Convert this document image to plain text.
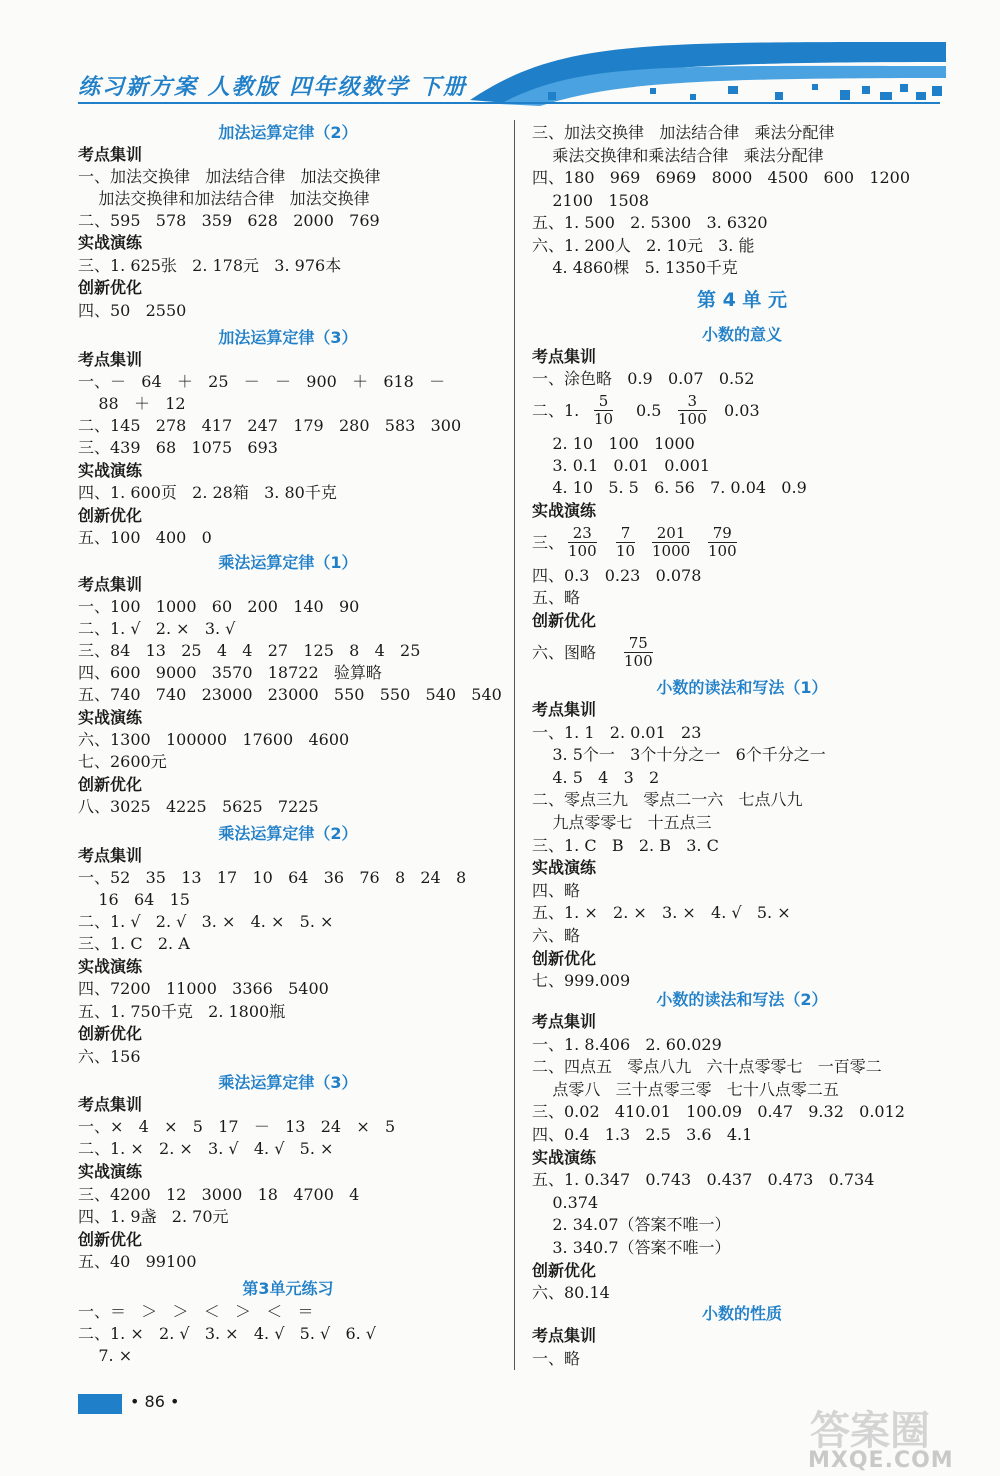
练习新方案 人教版 四年级数学 下册
加法运算定律（2）
考点集训
一、加法交换律   加法结合律   加法交换律
加法交换律和加法结合律   加法交换律
二、595   578   359   628   2000   769
实战演练
三、1. 625张   2. 178元   3. 976本
创新优化
四、50   2550
加法运算定律（3）
考点集训
一、－   64   ＋   25   －   －   900   ＋   618   －
88   ＋   12
二、145   278   417   247   179   280   583   300
三、439   68   1075   693
实战演练
四、1. 600页   2. 28箱   3. 80千克
创新优化
五、100   400   0
乘法运算定律（1）
考点集训
一、100   1000   60   200   140   90
二、1. √   2. ×   3. √
三、84   13   25   4   4   27   125   8   4   25
四、600   9000   3570   18722   验算略
五、740   740   23000   23000   550   550   540   540
实战演练
六、1300   100000   17600   4600
七、2600元
创新优化
八、3025   4225   5625   7225
乘法运算定律（2）
考点集训
一、52   35   13   17   10   64   36   76   8   24   8
16   64   15
二、1. √   2. √   3. ×   4. ×   5. ×
三、1. C   2. A
实战演练
四、7200   11000   3366   5400
五、1. 750千克   2. 1800瓶
创新优化
六、156
乘法运算定律（3）
考点集训
一、×   4   ×   5   17   －   13   24   ×   5
二、1. ×   2. ×   3. √   4. √   5. ×
实战演练
三、4200   12   3000   18   4700   4
四、1. 9盏   2. 70元
创新优化
五、40   99100
第3单元练习
一、＝   ＞   ＞   ＜   ＞   ＜   ＝
二、1. ×   2. √   3. ×   4. √   5. √   6. √
7. ×
三、加法交换律   加法结合律   乘法分配律
乘法交换律和乘法结合律   乘法分配律
四、180   969   6969   8000   4500   600   1200
2100   1508
五、1. 500   2. 5300   3. 6320
六、1. 200人   2. 10元   3. 能
4. 4860棵   5. 1350千克
第 4 单 元
小数的意义
考点集训
一、涂色略   0.9   0.07   0.52
二、1. $\frac{5}{10} 0.5 \frac{3}{100} 0.03$
2. 10   100   1000
3. 0.1   0.01   0.001
4. 10   5. 5   6. 56   7. 0.04   0.9
实战演练
三、 $\frac{23}{100} \frac{7}{10} \frac{201}{1000} \frac{79}{100}$
四、0.3   0.23   0.078
五、略
创新优化
六、图略 $\frac{75}{100}$
小数的读法和写法（1）
考点集训
一、1. 1   2. 0.01   23
3. 5个一   3个十分之一   6个千分之一
4. 5   4   3   2
二、零点三九   零点二一六   七点八九
九点零零七   十五点三
三、1. C   B   2. B   3. C
实战演练
四、略
五、1. ×   2. ×   3. ×   4. √   5. ×
六、略
创新优化
七、999.009
小数的读法和写法（2）
考点集训
一、1. 8.406   2. 60.029
二、四点五   零点八九   六十点零零七   一百零二
点零八   三十点零三零   七十八点零二五
三、0.02   410.01   100.09   0.47   9.32   0.012
四、0.4   1.3   2.5   3.6   4.1
实战演练
五、1. 0.347   0.743   0.437   0.473   0.734
0.374
2. 34.07（答案不唯一）
3. 340.7（答案不唯一）
创新优化
六、80.14
小数的性质
考点集训
一、略
• 86 •
答案圈
MXQE.COM
